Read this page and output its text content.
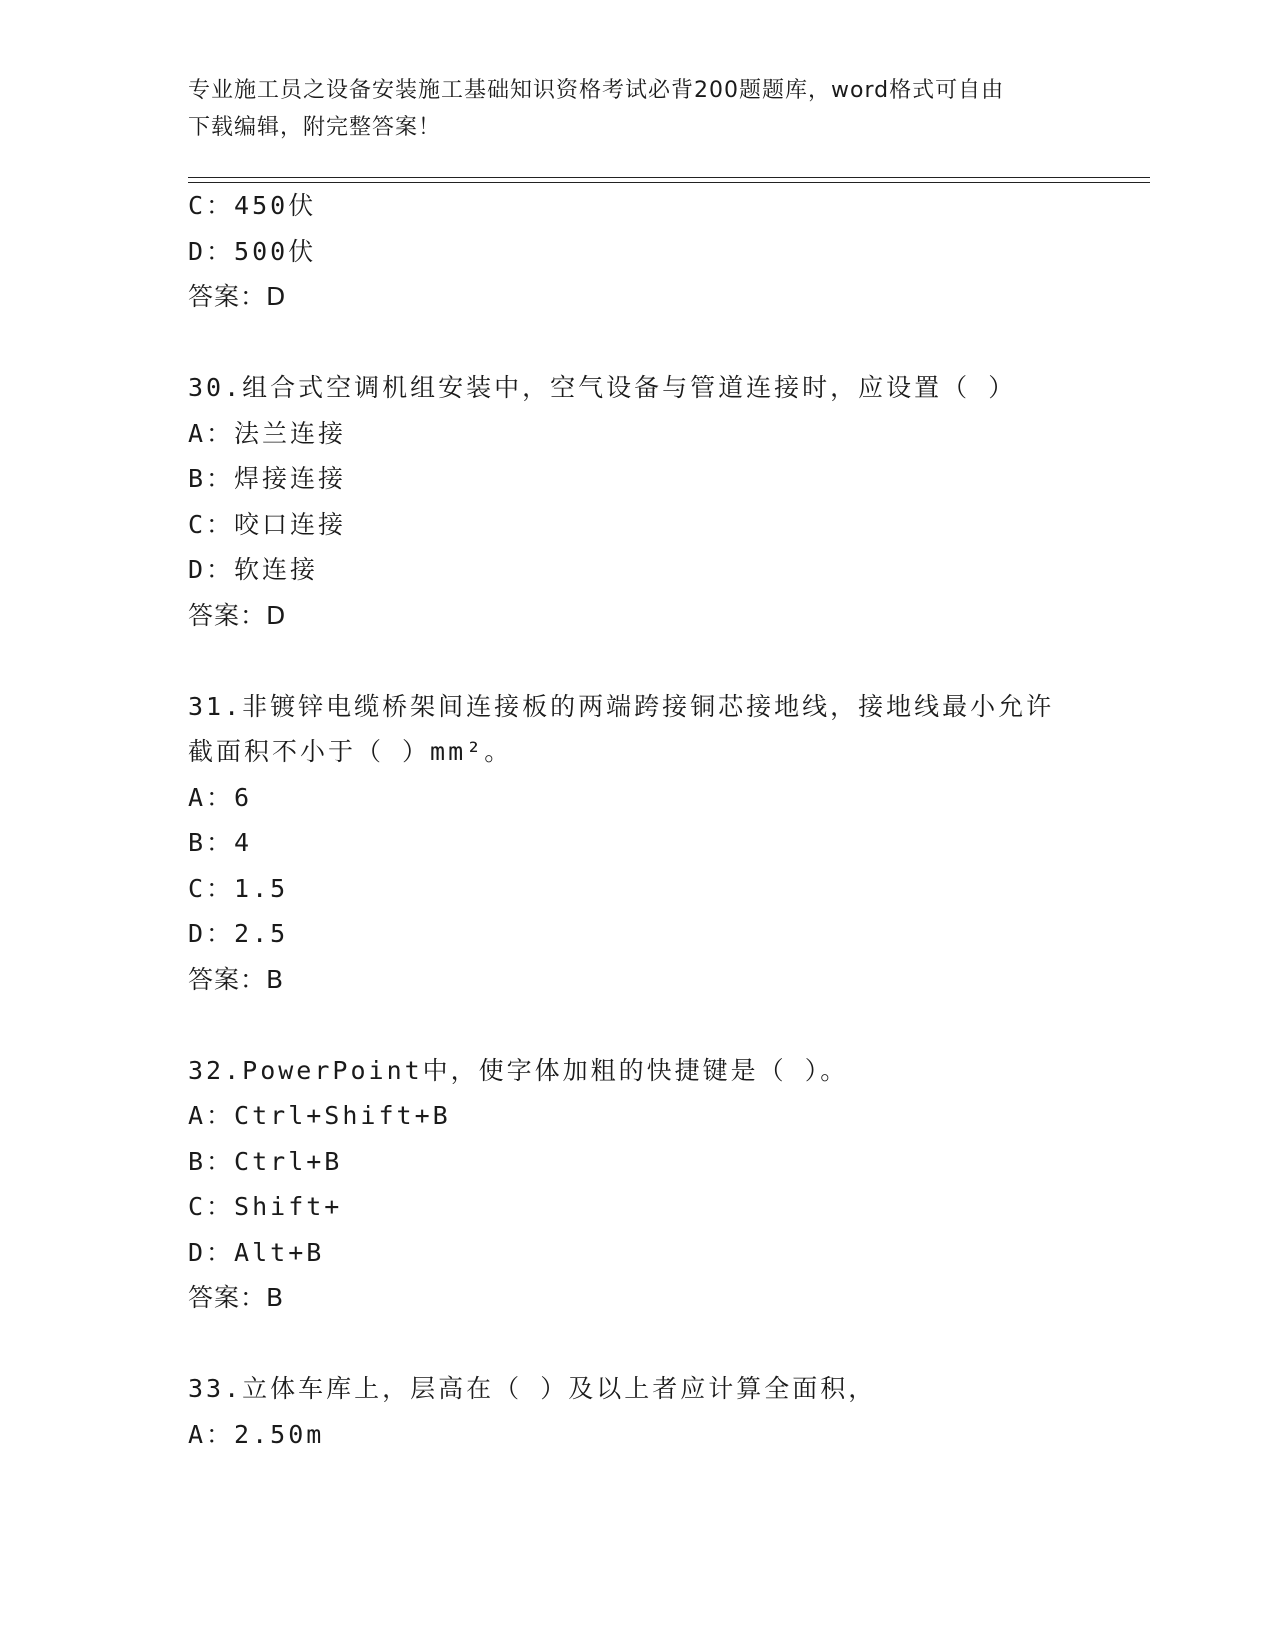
专业施工员之设备安装施工基础知识资格考试必背200题题库，word格式可自由
下载编辑，附完整答案！
C：450伏
D：500伏
答案：D
30.组合式空调机组安装中，空气设备与管道连接时，应设置（ ）
A：法兰连接
B：焊接连接
C：咬口连接
D：软连接
答案：D
31.非镀锌电缆桥架间连接板的两端跨接铜芯接地线，接地线最小允许
截面积不小于（ ）mm²。
A：6
B：4
C：1.5
D：2.5
答案：B
32.PowerPoint中，使字体加粗的快捷键是（ ）。
A：Ctrl+Shift+B
B：Ctrl+B
C：Shift+
D：Alt+B
答案：B
33.立体车库上，层高在（ ）及以上者应计算全面积，
A：2.50m
